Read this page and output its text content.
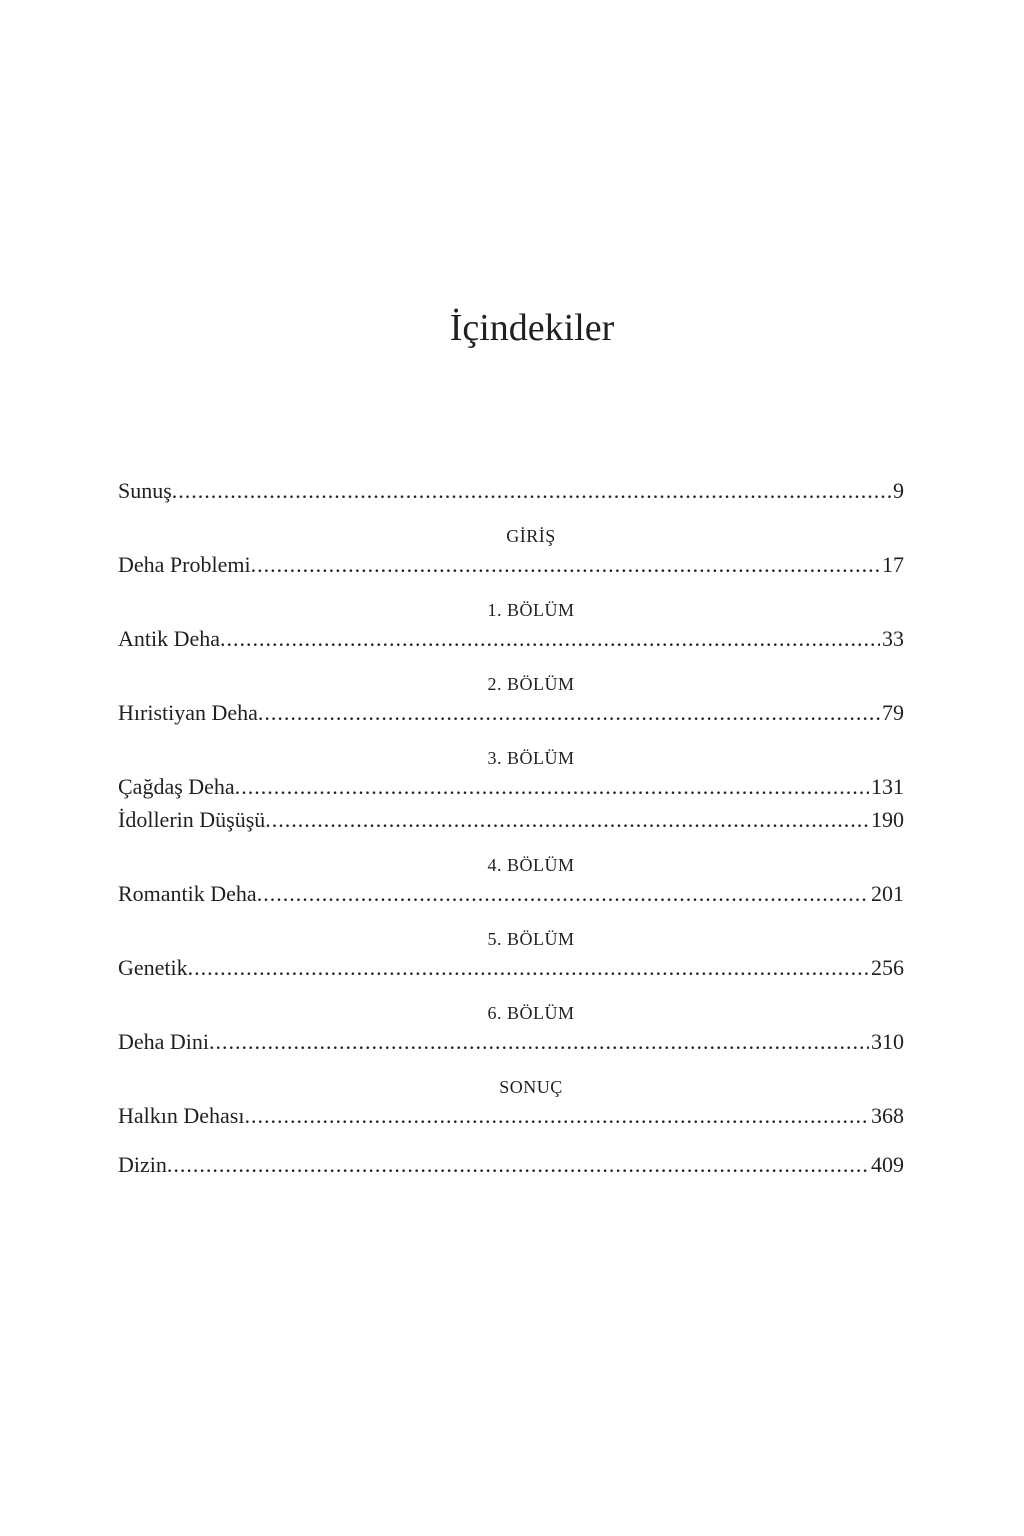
İçindekiler
Sunuş .....	9
GİRİŞ
Deha Problemi .....	17
1. BÖLÜM
Antik Deha .....	33
2. BÖLÜM
Hıristiyan Deha .....	79
3. BÖLÜM
Çağdaş Deha .....	131
İdollerin Düşüşü .....	190
4. BÖLÜM
Romantik Deha .....	201
5. BÖLÜM
Genetik .....	256
6. BÖLÜM
Deha Dini .....	310
SONUÇ
Halkın Dehası .....	368
Dizin .....	409
